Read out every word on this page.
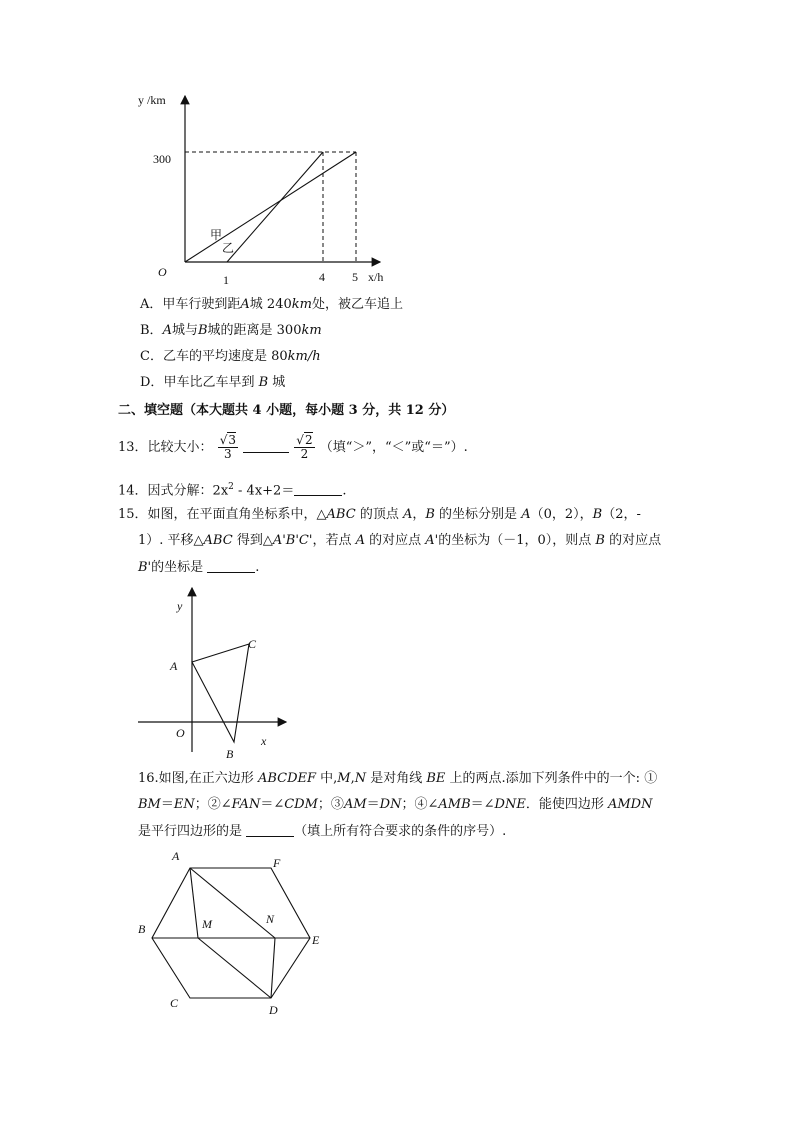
y /km
300
O
1	4 5 x/h
甲
乙
A．甲车行驶到距A城 240km处，被乙车追上
B．A城与B城的距离是 300km
C．乙车的平均速度是 80km/h
D．甲车比乙车早到 B 城
二、填空题（本大题共 4 小题，每小题 3 分，共 12 分）
13．比较大小： $\frac{√3}{3}$
	$\frac{√2}{2}$ （填“＞”，“＜”或“＝”）.
14．因式分解：$2x^2 - 4x+2=$	.
15．如图，在平面直角坐标系中，△ABC 的顶点 A，B 的坐标分别是 A（0，2），B（2，-
1）. 平移△ABC 得到△A'B'C'，若点 A 的对应点 A'的坐标为（－1，0），则点 B 的对应点
B'的坐标是	.
y
x
O
A
B
C
16.如图,在正六边形 ABCDEF 中,M,N 是对角线 BE 上的两点.添加下列条件中的一个: ①
BM＝EN；②∠FAN＝∠CDM；③AM＝DN；④∠AMB＝∠DNE．能使四边形 AMDN
是平行四边形的是	（填上所有符合要求的条件的序号）.
A	F
B
E
C	D
M	N
